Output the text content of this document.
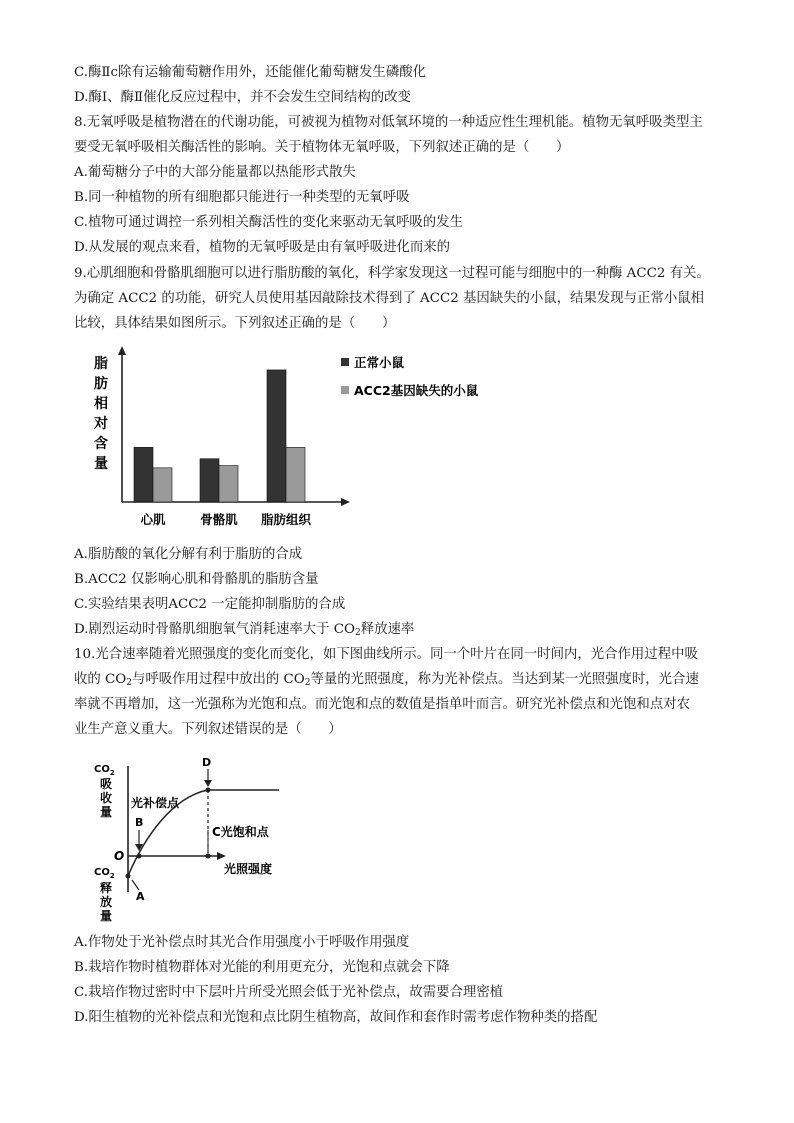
C.酶Ⅱc除有运输葡萄糖作用外，还能催化葡萄糖发生磷酸化
D.酶Ⅰ、酶Ⅱ催化反应过程中，并不会发生空间结构的改变
8.无氧呼吸是植物潜在的代谢功能，可被视为植物对低氧环境的一种适应性生理机能。植物无氧呼吸类型主
要受无氧呼吸相关酶活性的影响。关于植物体无氧呼吸，下列叙述正确的是（　　）
A.葡萄糖分子中的大部分能量都以热能形式散失
B.同一种植物的所有细胞都只能进行一种类型的无氧呼吸
C.植物可通过调控一系列相关酶活性的变化来驱动无氧呼吸的发生
D.从发展的观点来看，植物的无氧呼吸是由有氧呼吸进化而来的
9.心肌细胞和骨骼肌细胞可以进行脂肪酸的氧化，科学家发现这一过程可能与细胞中的一种酶 ACC2 有关。
为确定 ACC2 的功能，研究人员使用基因敲除技术得到了 ACC2 基因缺失的小鼠，结果发现与正常小鼠相
比较，具体结果如图所示。下列叙述正确的是（　　）
脂
肪
相
对
含
量
心肌	骨骼肌 脂肪组织
正常小鼠
ACC2基因缺失的小鼠
A.脂肪酸的氧化分解有利于脂肪的合成
B.ACC2 仅影响心肌和骨骼肌的脂肪含量
C.实验结果表明ACC2 一定能抑制脂肪的合成
D.剧烈运动时骨骼肌细胞氧气消耗速率大于 $CO_2$释放速率
10.光合速率随着光照强度的变化而变化，如下图曲线所示。同一个叶片在同一时间内，光合作用过程中吸
收的 $CO_2$与呼吸作用过程中放出的 $CO_2$等量的光照强度，称为光补偿点。当达到某一光照强度时，光合速
率就不再增加，这一光强称为光饱和点。而光饱和点的数值是指单叶而言。研究光补偿点和光饱和点对农
业生产意义重大。下列叙述错误的是（　　）
$CO_2$
吸
收
量
$CO_2$
释
放
量
O
光照强度
D
光补偿点
B
C光饱和点
A
A.作物处于光补偿点时其光合作用强度小于呼吸作用强度
B.栽培作物时植物群体对光能的利用更充分，光饱和点就会下降
C.栽培作物过密时中下层叶片所受光照会低于光补偿点，故需要合理密植
D.阳生植物的光补偿点和光饱和点比阴生植物高，故间作和套作时需考虑作物种类的搭配
